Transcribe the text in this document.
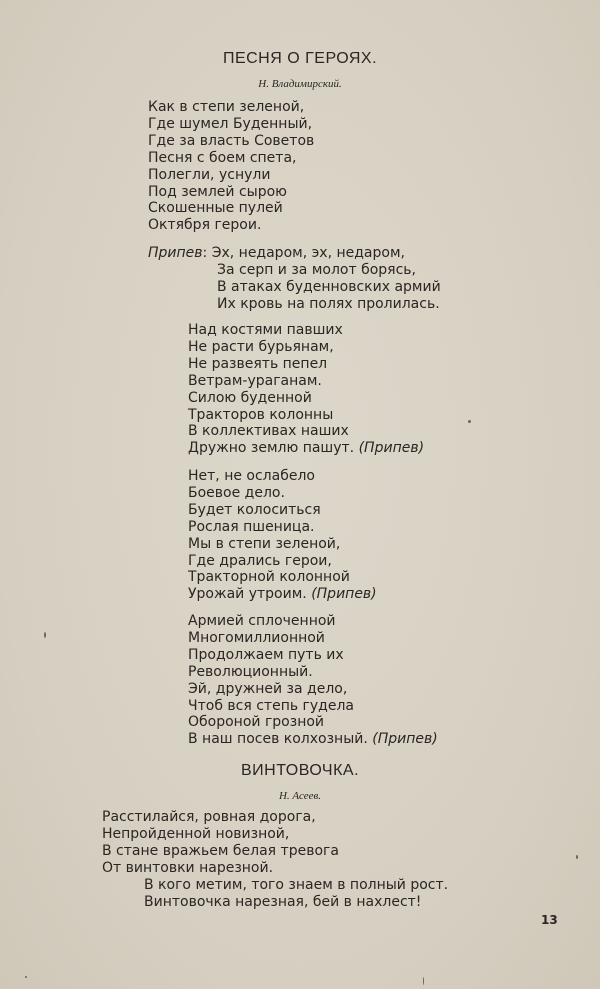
ПЕСНЯ О ГЕРОЯХ.
Н. Владимирский.
Как в степи зеленой,
Где шумел Буденный,
Где за власть Советов
Песня с боем спета,
Полегли, уснули
Под землей сырою
Скошенные пулей
Октября герои.
Припев: Эх, недаром, эх, недаром,
За серп и за молот борясь,
В атаках буденновских армий
Их кровь на полях пролилась.
Над костями павших
Не расти бурьянам,
Не развеять пепел
Ветрам-ураганам.
Силою буденной
Тракторов колонны
В коллективах наших
Дружно землю пашут. (Припев)
Нет, не ослабело
Боевое дело.
Будет колоситься
Рослая пшеница.
Мы в степи зеленой,
Где дрались герои,
Тракторной колонной
Урожай утроим. (Припев)
Армией сплоченной
Многомиллионной
Продолжаем путь их
Революционный.
Эй, дружней за дело,
Чтоб вся степь гудела
Обороной грозной
В наш посев колхозный. (Припев)
ВИНТОВОЧКА.
Н. Асеев.
Расстилайся, ровная дорога,
Непройденной новизной,
В стане вражьем белая тревога
От винтовки нарезной.
В кого метим, того знаем в полный рост.
Винтовочка нарезная, бей в нахлест!
13
